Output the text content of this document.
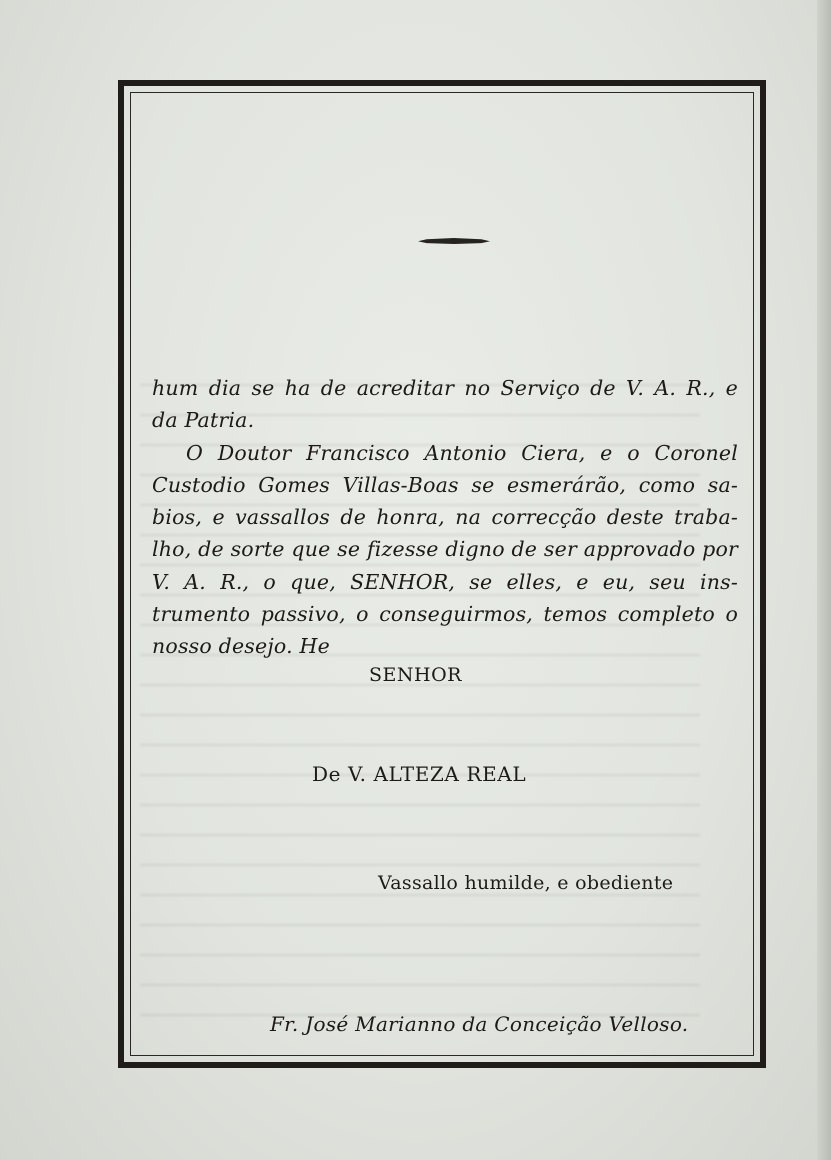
hum dia se ha de acreditar no Serviço de V. A. R., e
da Patria.
O Doutor Francisco Antonio Ciera, e o Coronel
Custodio Gomes Villas-Boas se esmerárão, como sa-
bios, e vassallos de honra, na correcção deste traba-
lho, de sorte que se fizesse digno de ser approvado por
V. A. R., o que, SENHOR, se elles, e eu, seu ins-
trumento passivo, o conseguirmos, temos completo o
nosso desejo. He
SENHOR
De V. ALTEZA REAL
Vassallo humilde, e obediente
Fr. José Marianno da Conceição Velloso.
